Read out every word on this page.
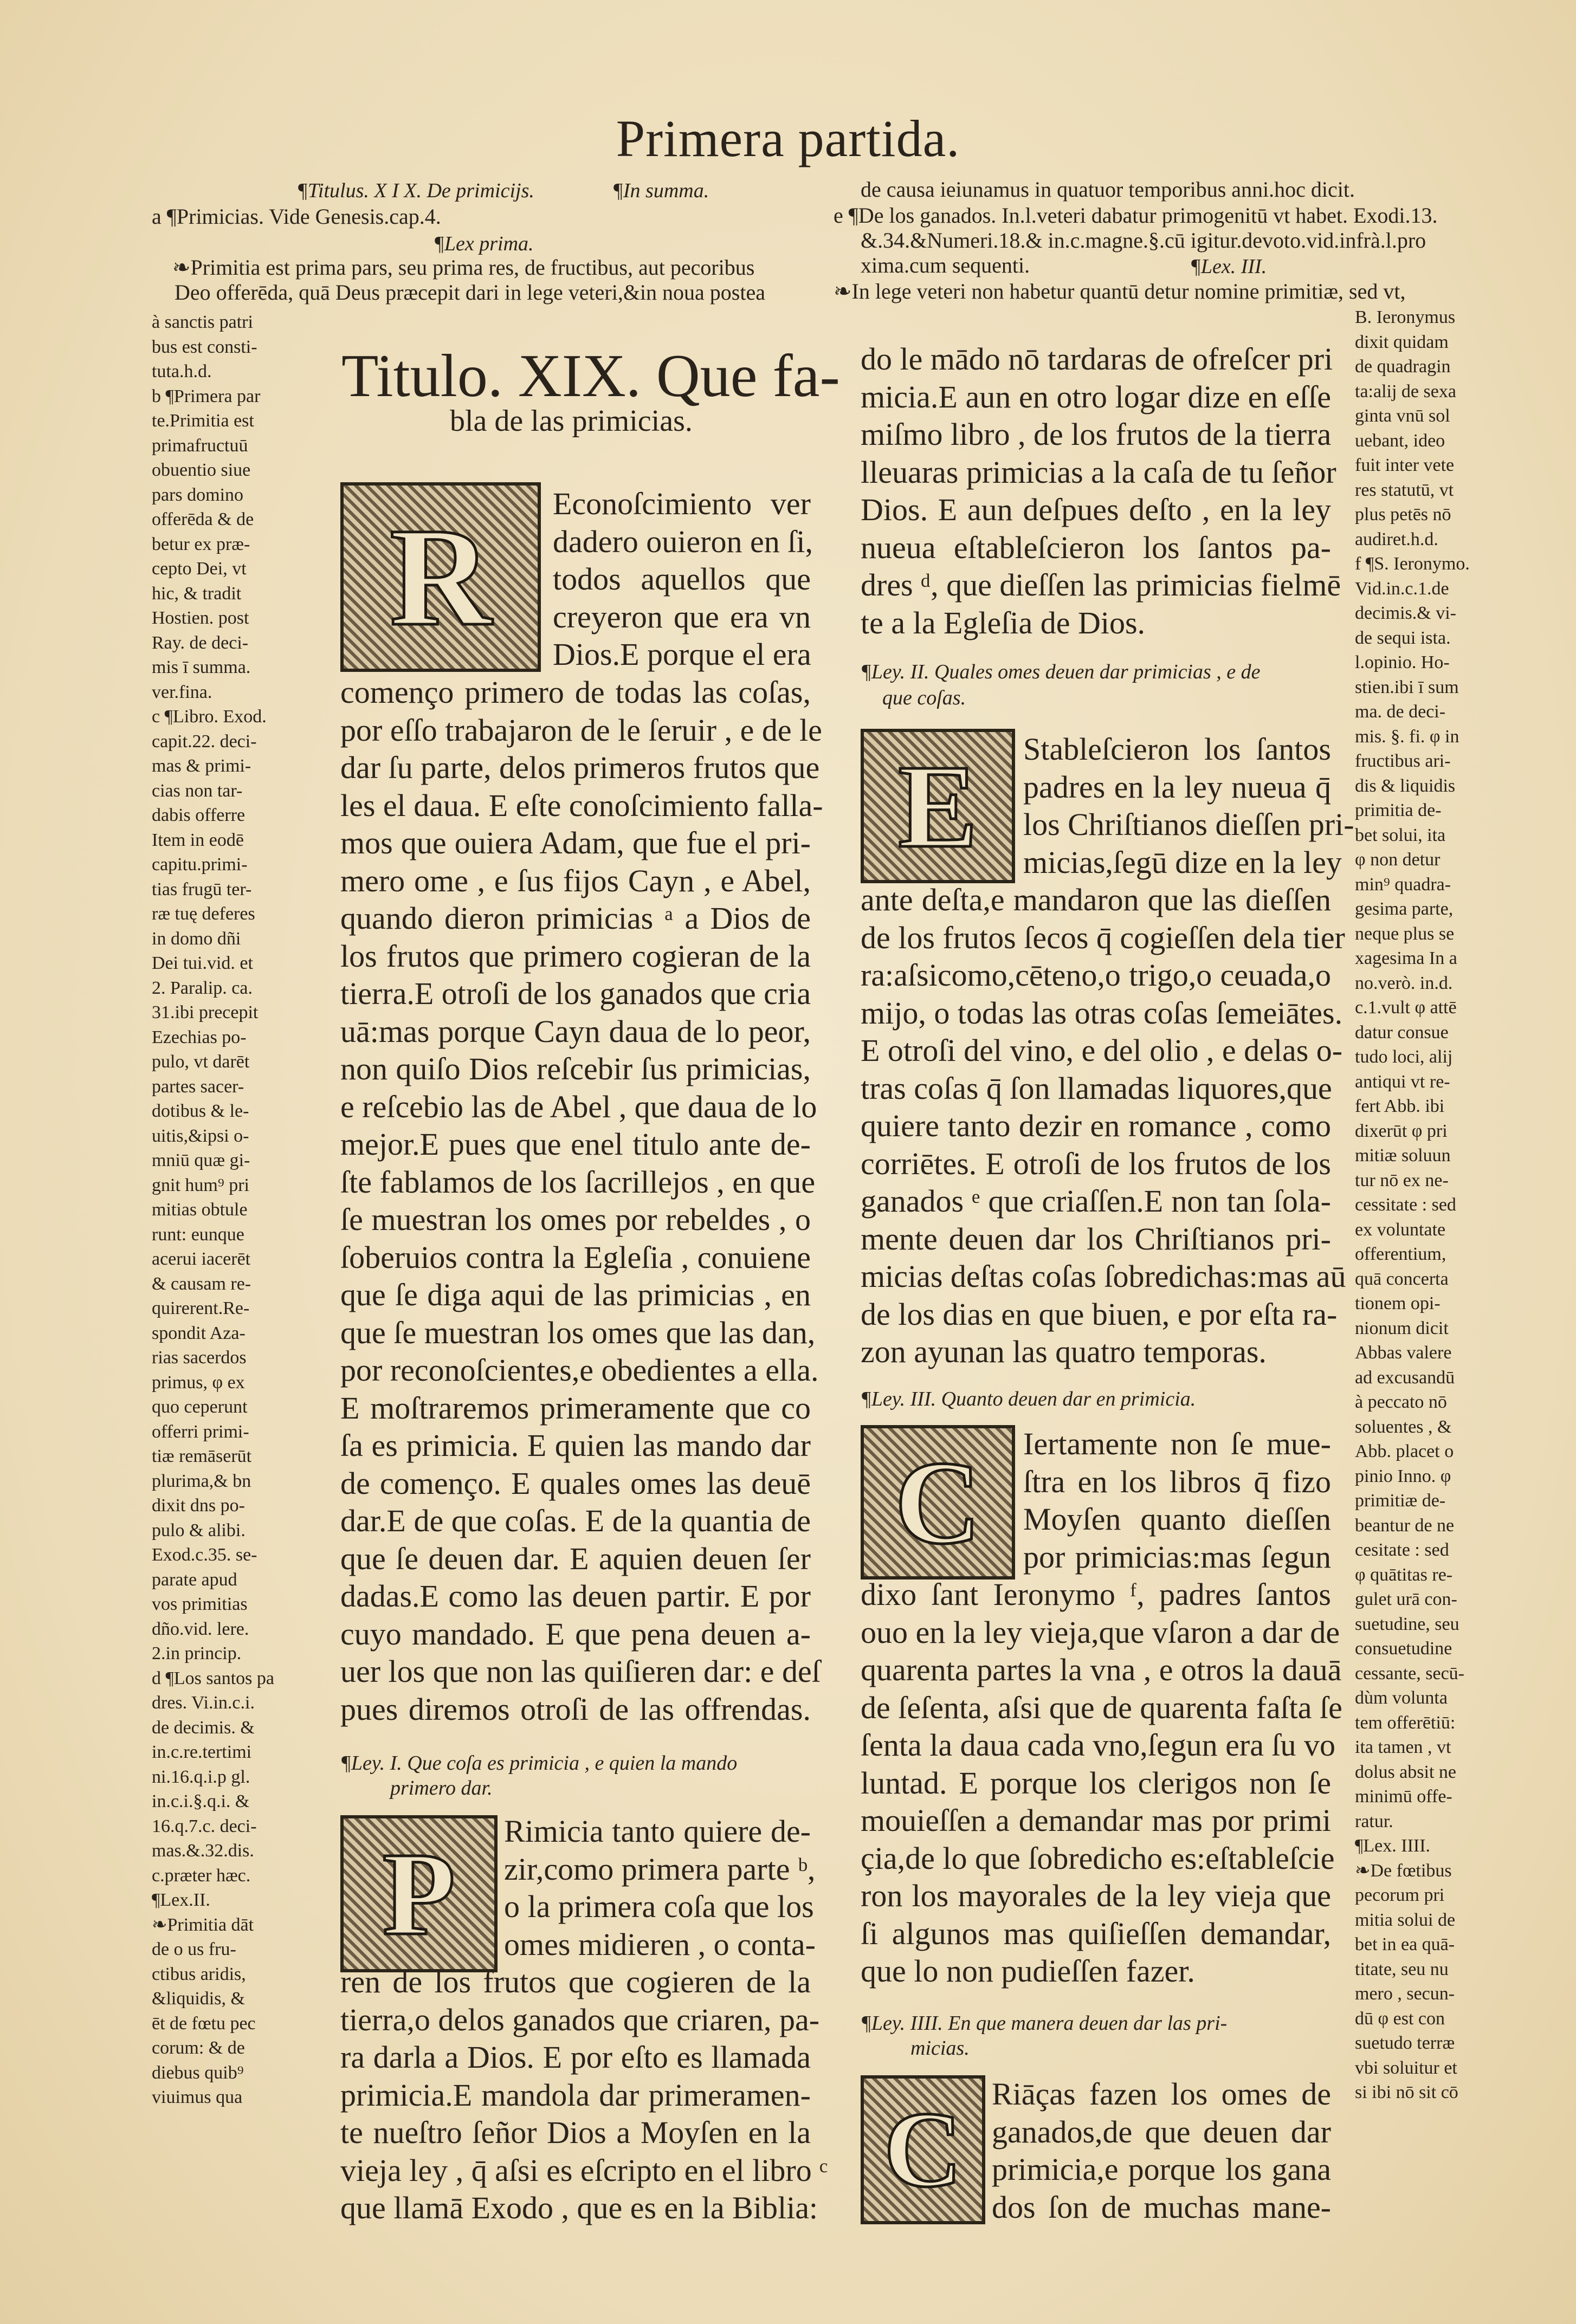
Primera partida.
¶Titulus. X I X. De primicijs.	¶In summa.
a ¶Primicias. Vide Genesis.cap.4.
¶Lex prima.
❧Primitia est prima pars, seu prima res, de fructibus, aut pecoribus
Deo offerēda, quā Deus præcepit dari in lege veteri,&in noua postea
de causa ieiunamus in quatuor temporibus anni.hoc dicit.
e ¶De los ganados. In.l.veteri dabatur primogenitū vt habet. Exodi.13.
&.34.&Numeri.18.& in.c.magne.§.cū igitur.devoto.vid.infrà.l.pro
xima.cum sequenti.	¶Lex. III.
❧In lege veteri non habetur quantū detur nomine primitiæ, sed vt,
à sanctis patri
bus est consti-
tuta.h.d.
b ¶Primera par
te.Primitia est
primafructuū
obuentio siue
pars domino
offerēda & de
betur ex præ-
cepto Dei, vt
hic, & tradit
Hostien. post
Ray. de deci-
mis ī summa.
ver.fina.
c ¶Libro. Exod.
capit.22. deci-
mas & primi-
cias non tar-
dabis offerre
Item in eodē
capitu.primi-
tias frugū ter-
ræ tuę deferes
in domo dñi
Dei tui.vid. et
2. Paralip. ca.
31.ibi precepit
Ezechias po-
pulo, vt darēt
partes sacer-
dotibus & le-
uitis,&ipsi o-
mniū quæ gi-
gnit hum⁹ pri
mitias obtule
runt: eunque
acerui iacerēt
& causam re-
quirerent.Re-
spondit Aza-
rias sacerdos
primus, φ ex
quo ceperunt
offerri primi-
tiæ remāserūt
plurima,& bn
dixit dns po-
pulo & alibi.
Exod.c.35. se-
parate apud
vos primitias
dño.vid. lere.
2.in princip.
d ¶Los santos pa
dres. Vi.in.c.i.
de decimis. &
in.c.re.tertimi
ni.16.q.i.p gl.
in.c.i.§.q.i. &
16.q.7.c. deci-
mas.&.32.dis.
c.præter hæc.
¶Lex.II.
❧Primitia dāt
de o us fru-
ctibus aridis,
&liquidis, &
ēt de fœtu pec
corum: & de
diebus quib⁹
viuimus qua
B. Ieronymus
dixit quidam
de quadragin
ta:alij de sexa
ginta vnū sol
uebant, ideo
fuit inter vete
res statutū, vt
plus petēs nō
audiret.h.d.
f ¶S. Ieronymo.
Vid.in.c.1.de
decimis.& vi-
de sequi ista.
l.opinio. Ho-
stien.ibi ī sum
ma. de deci-
mis. §. fi. φ in
fructibus ari-
dis & liquidis
primitia de-
bet solui, ita
φ non detur
min⁹ quadra-
gesima parte,
neque plus se
xagesima In a
no.verò. in.d.
c.1.vult φ attē
datur consue
tudo loci, alij
antiqui vt re-
fert Abb. ibi
dixerūt φ pri
mitiæ soluun
tur nō ex ne-
cessitate : sed
ex voluntate
offerentium,
quā concerta
tionem opi-
nionum dicit
Abbas valere
ad excusandū
à peccato nō
soluentes , &
Abb. placet o
pinio Inno. φ
primitiæ de-
beantur de ne
cesitate : sed
φ quātitas re-
gulet urā con-
suetudine, seu
consuetudine
cessante, secū-
dùm volunta
tem offerētiū:
ita tamen , vt
dolus absit ne
minimū offe-
ratur.
¶Lex. IIII.
❧De fœtibus
pecorum pri
mitia solui de
bet in ea quā-
titate, seu nu
mero , secun-
dū φ est con
suetudo terræ
vbi soluitur et
si ibi nō sit cō
Titulo. XIX. Que fa-
bla de las primicias.
R Econoſcimiento ver
dadero ouieron en ſi,
todos aquellos que
creyeron que era vn
Dios.E porque el era
començo primero de todas las coſas,
por eſſo trabajaron de le ſeruir , e de le
dar ſu parte, delos primeros frutos que
les el daua. E eſte conoſcimiento falla-
mos que ouiera Adam, que fue el pri-
mero ome , e ſus fijos Cayn , e Abel,
quando dieron primicias ᵃ a Dios de
los frutos que primero cogieran de la
tierra.E otroſi de los ganados que cria
uā:mas porque Cayn daua de lo peor,
non quiſo Dios reſcebir ſus primicias,
e reſcebio las de Abel , que daua de lo
mejor.E pues que enel titulo ante de-
ſte fablamos de los ſacrillejos , en que
ſe muestran los omes por rebeldes , o
ſoberuios contra la Egleſia , conuiene
que ſe diga aqui de las primicias , en
que ſe muestran los omes que las dan,
por reconoſcientes,e obedientes a ella.
E moſtraremos primeramente que co
ſa es primicia. E quien las mando dar
de començo. E quales omes las deuē
dar.E de que coſas. E de la quantia de
que ſe deuen dar. E aquien deuen ſer
dadas.E como las deuen partir. E por
cuyo mandado. E que pena deuen a-
uer los que non las quiſieren dar: e deſ
pues diremos otroſi de las offrendas.
¶Ley. I. Que coſa es primicia , e quien la mando
primero dar.
P Rimicia tanto quiere de-
zir,como primera parte ᵇ,
o la primera coſa que los
omes midieren , o conta-
ren de los frutos que cogieren de la
tierra,o delos ganados que criaren, pa-
ra darla a Dios. E por eſto es llamada
primicia.E mandola dar primeramen-
te nueſtro ſeñor Dios a Moyſen en la
vieja ley , q̄ aſsi es eſcripto en el libro ᶜ
que llamā Exodo , que es en la Biblia:
do le mādo nō tardaras de ofreſcer pri
micia.E aun en otro logar dize en eſſe
miſmo libro , de los frutos de la tierra
lleuaras primicias a la caſa de tu ſeñor
Dios. E aun deſpues deſto , en la ley
nueua eſtableſcieron los ſantos pa-
dres ᵈ, que dieſſen las primicias fielmē
te a la Egleſia de Dios.
¶Ley. II. Quales omes deuen dar primicias , e de
que coſas.
E Stableſcieron los ſantos
padres en la ley nueua q̄
los Chriſtianos dieſſen pri-
micias,ſegū dize en la ley
ante deſta,e mandaron que las dieſſen
de los frutos ſecos q̄ cogieſſen dela tier
ra:aſsicomo,cēteno,o trigo,o ceuada,o
mijo, o todas las otras coſas ſemeiātes.
E otroſi del vino, e del olio , e delas o-
tras coſas q̄ ſon llamadas liquores,que
quiere tanto dezir en romance , como
corriētes. E otroſi de los frutos de los
ganados ᵉ que criaſſen.E non tan ſola-
mente deuen dar los Chriſtianos pri-
micias deſtas coſas ſobredichas:mas aū
de los dias en que biuen, e por eſta ra-
zon ayunan las quatro temporas.
¶Ley. III. Quanto deuen dar en primicia.
C Iertamente non ſe mue-
ſtra en los libros q̄ fizo
Moyſen quanto dieſſen
por primicias:mas ſegun
dixo ſant Ieronymo ᶠ, padres ſantos
ouo en la ley vieja,que vſaron a dar de
quarenta partes la vna , e otros la dauā
de ſeſenta, aſsi que de quarenta faſta ſe
ſenta la daua cada vno,ſegun era ſu vo
luntad. E porque los clerigos non ſe
mouieſſen a demandar mas por primi
çia,de lo que ſobredicho es:eſtableſcie
ron los mayorales de la ley vieja que
ſi algunos mas quiſieſſen demandar,
que lo non pudieſſen fazer.
¶Ley. IIII. En que manera deuen dar las pri-
micias.
C Riāças fazen los omes de
ganados,de que deuen dar
primicia,e porque los gana
dos ſon de muchas mane-
